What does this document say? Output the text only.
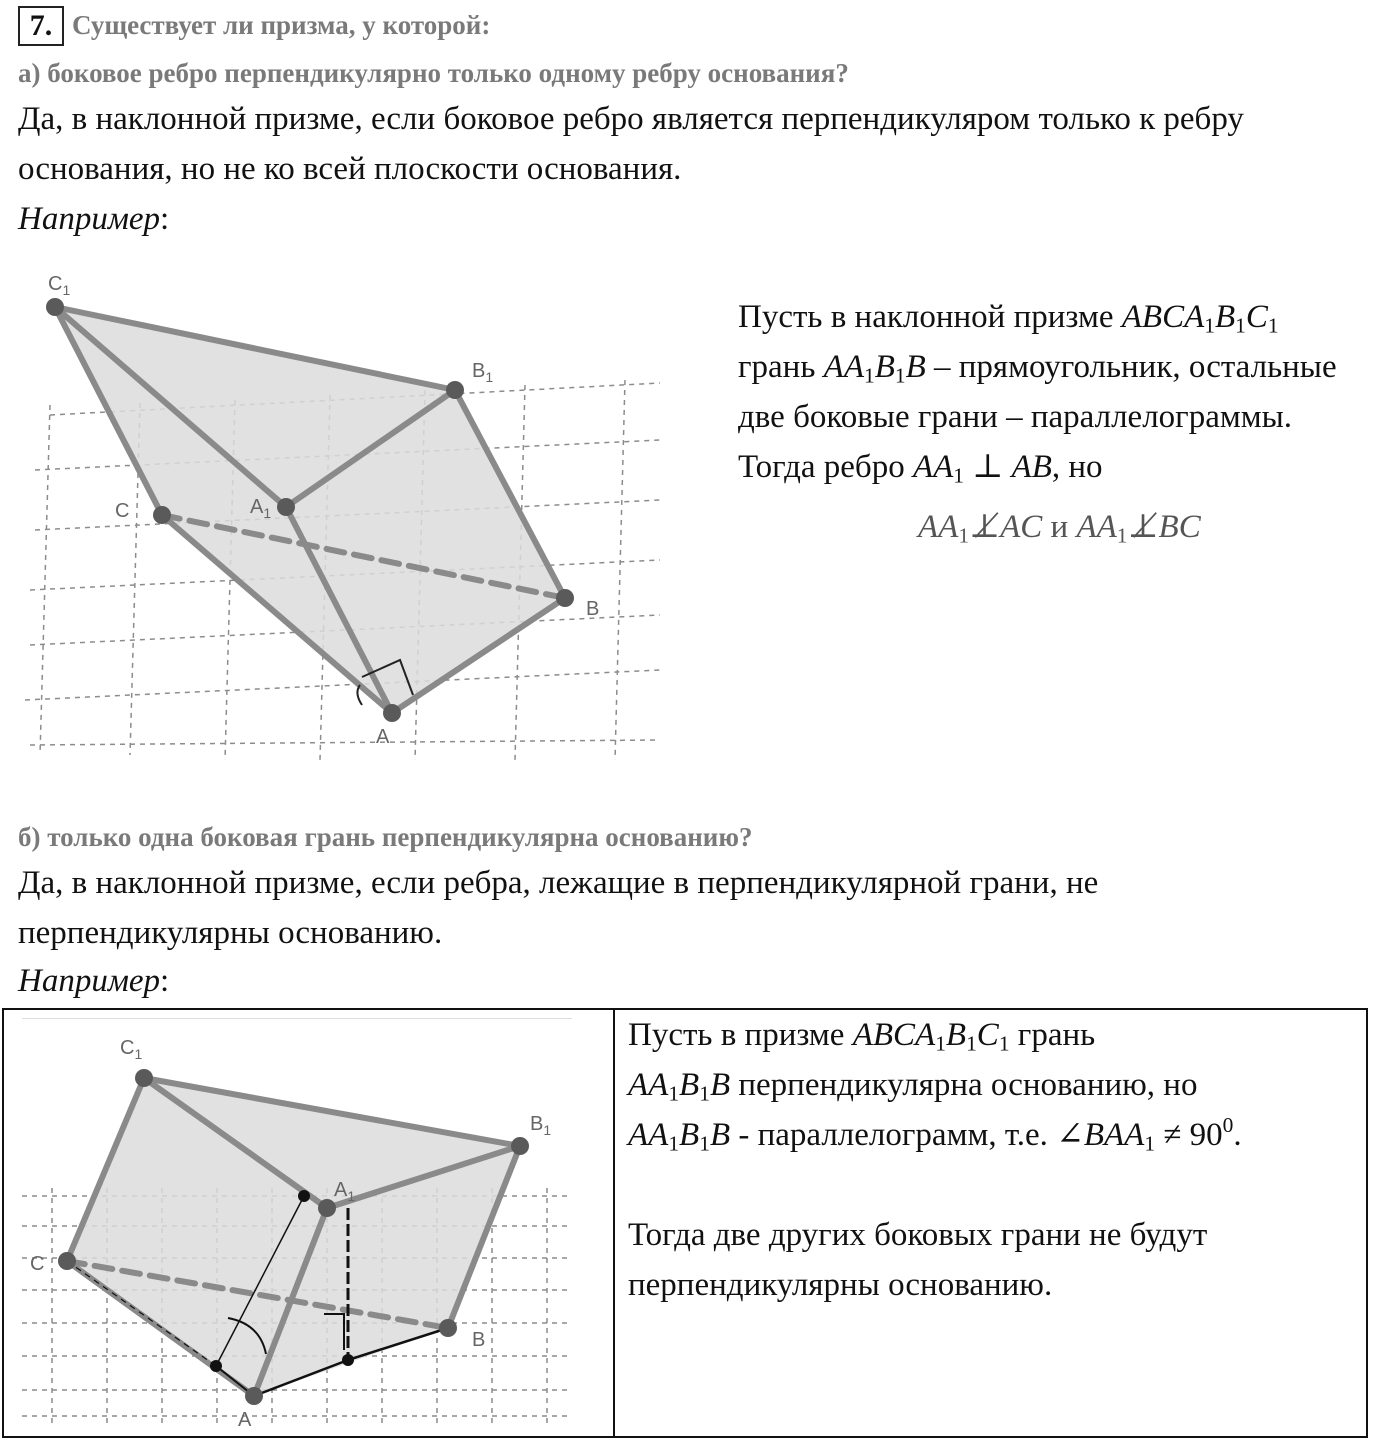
7. Существует ли призма, у которой:
а) боковое ребро перпендикулярно только одному ребру основания?
Да, в наклонной призме, если боковое ребро является перпендикуляром только к ребру
основания, но не ко всей плоскости основания.
Например:
$C_1$
$B_1$
C	$A_1$
B
A
Пусть в наклонной призме $ABCA_1B_1C_1$
грань $AA_1B_1B$ – прямоугольник, остальные
две боковые грани – параллелограммы.
Тогда ребро $AA_1$ ⊥ AB, но
$AA_1\perp̸AC$ и $AA_1\perp̸BC$
б) только одна боковая грань перпендикулярна основанию?
Да, в наклонной призме, если ребра, лежащие в перпендикулярной грани, не
перпендикулярны основанию.
Например:
$C_1$
$B_1$
$A_1$
C
B
A
Пусть в призме $ABCA_1B_1C_1$ грань
$AA_1B_1B$ перпендикулярна основанию, но
$AA_1B_1B$ - параллелограмм, т.е. $\angle BAA_1 \ne 90^0$.
Тогда две других боковых грани не будут
перпендикулярны основанию.
